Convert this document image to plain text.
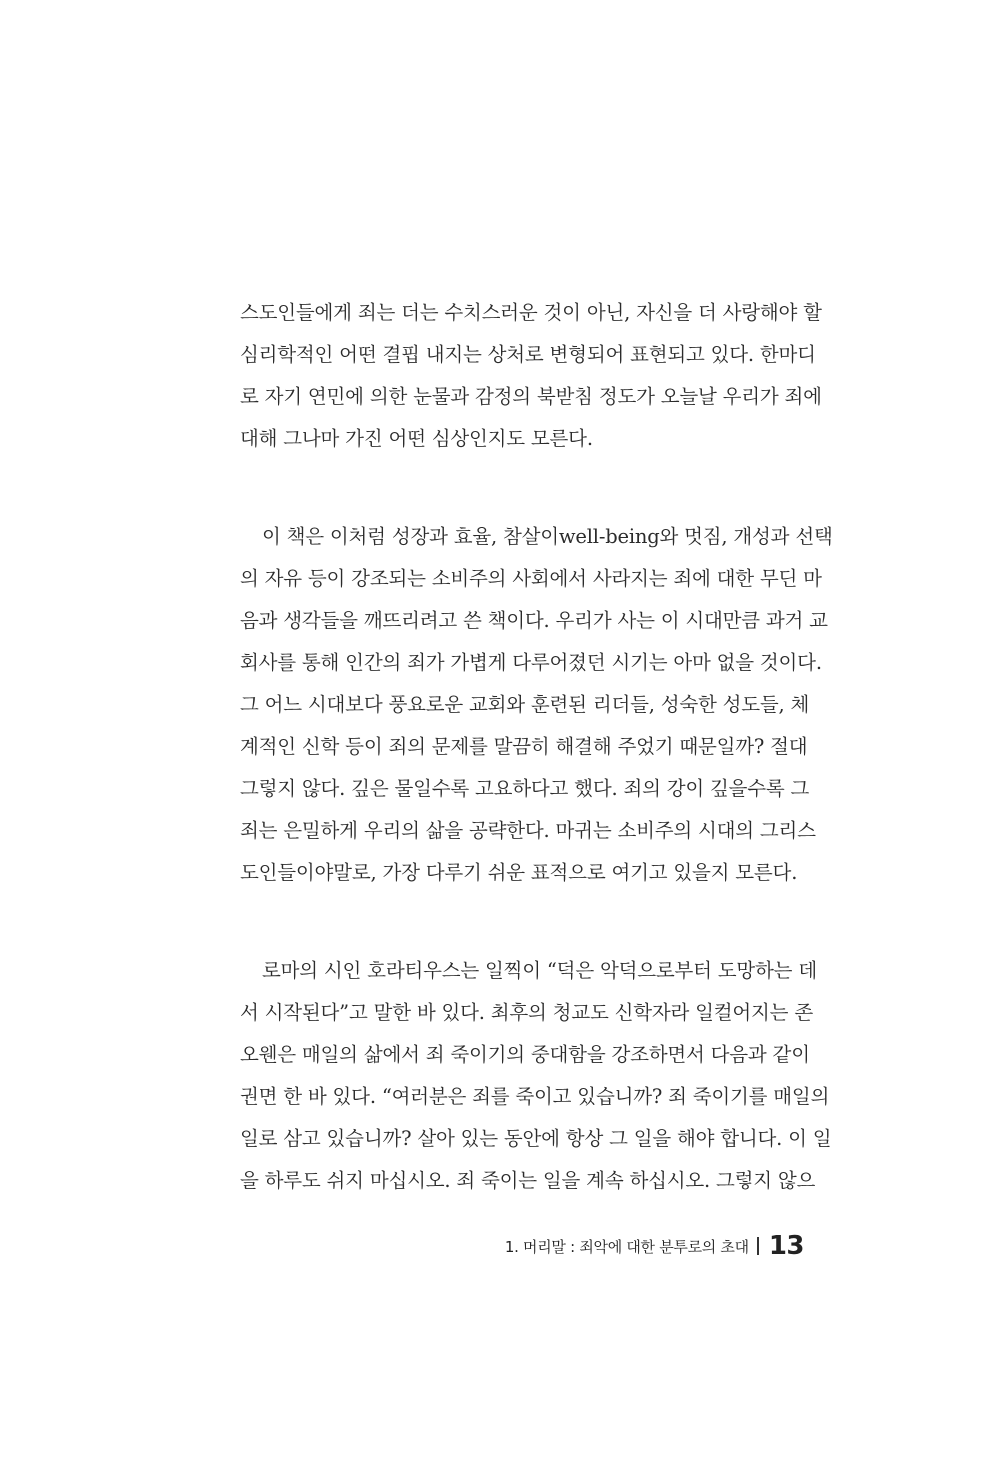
스도인들에게 죄는 더는 수치스러운 것이 아닌, 자신을 더 사랑해야 할
심리학적인 어떤 결핍 내지는 상처로 변형되어 표현되고 있다. 한마디
로 자기 연민에 의한 눈물과 감정의 북받침 정도가 오늘날 우리가 죄에
대해 그나마 가진 어떤 심상인지도 모른다.
이 책은 이처럼 성장과 효율, 참살이well-being와 멋짐, 개성과 선택
의 자유 등이 강조되는 소비주의 사회에서 사라지는 죄에 대한 무딘 마
음과 생각들을 깨뜨리려고 쓴 책이다. 우리가 사는 이 시대만큼 과거 교
회사를 통해 인간의 죄가 가볍게 다루어졌던 시기는 아마 없을 것이다.
그 어느 시대보다 풍요로운 교회와 훈련된 리더들, 성숙한 성도들, 체
계적인 신학 등이 죄의 문제를 말끔히 해결해 주었기 때문일까? 절대
그렇지 않다. 깊은 물일수록 고요하다고 했다. 죄의 강이 깊을수록 그
죄는 은밀하게 우리의 삶을 공략한다. 마귀는 소비주의 시대의 그리스
도인들이야말로, 가장 다루기 쉬운 표적으로 여기고 있을지 모른다.
로마의 시인 호라티우스는 일찍이 “덕은 악덕으로부터 도망하는 데
서 시작된다”고 말한 바 있다. 최후의 청교도 신학자라 일컬어지는 존
오웬은 매일의 삶에서 죄 죽이기의 중대함을 강조하면서 다음과 같이
권면 한 바 있다. “여러분은 죄를 죽이고 있습니까? 죄 죽이기를 매일의
일로 삼고 있습니까? 살아 있는 동안에 항상 그 일을 해야 합니다. 이 일
을 하루도 쉬지 마십시오. 죄 죽이는 일을 계속 하십시오. 그렇지 않으
1. 머리말 : 죄악에 대한 분투로의 초대 13
